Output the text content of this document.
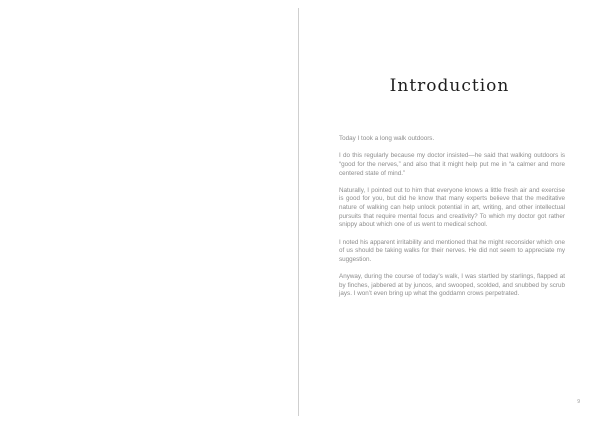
Introduction

Today I took a long walk outdoors.

I do this regularly because my doctor insisted—he said that walking outdoors is “good for the nerves,” and also that it might help put me in “a calmer and more centered state of mind.”

Naturally, I pointed out to him that everyone knows a little fresh air and exercise is good for you, but did he know that many experts believe that the meditative nature of walking can help unlock potential in art, writing, and other intellectual pursuits that require mental focus and creativity? To which my doctor got rather snippy about which one of us went to medical school.

I noted his apparent irritability and mentioned that he might reconsider which one of us should be taking walks for their nerves. He did not seem to appreciate my suggestion.

Anyway, during the course of today’s walk, I was startled by starlings, flapped at by finches, jabbered at by juncos, and swooped, scolded, and snubbed by scrub jays. I won’t even bring up what the goddamn crows perpetrated.

9
